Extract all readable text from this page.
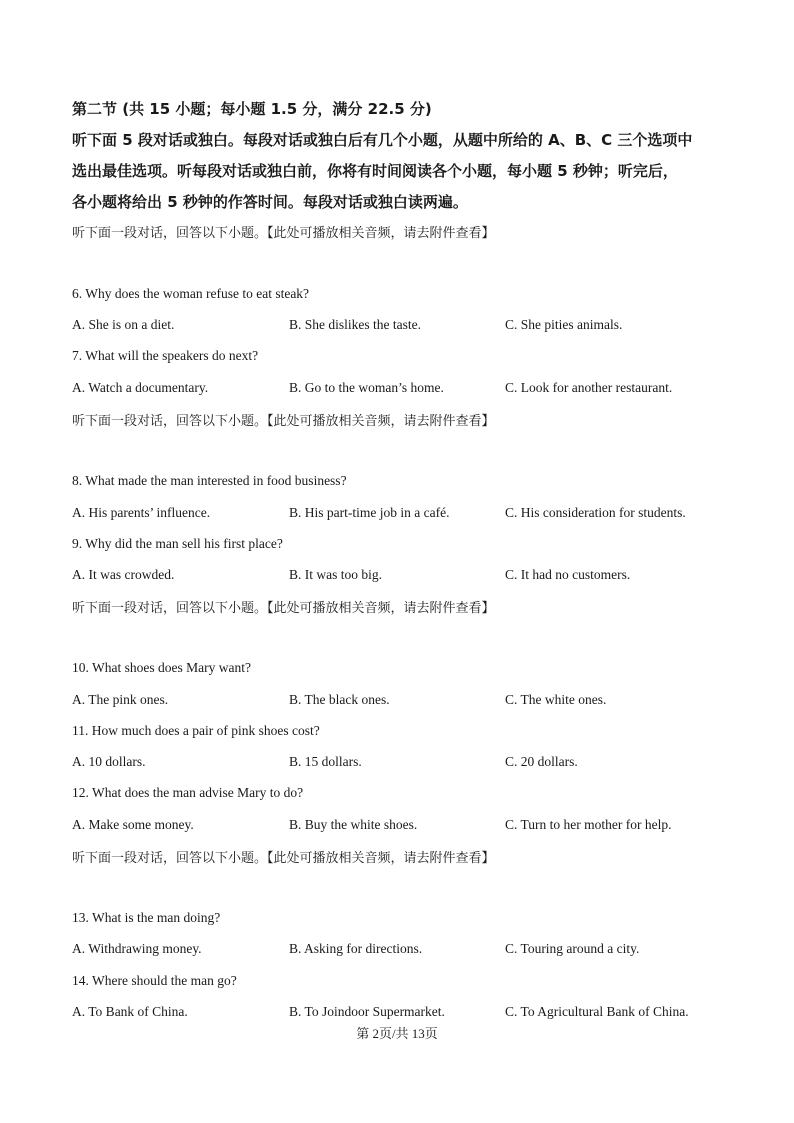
第二节 (共 15 小题；每小题 1.5 分，满分 22.5 分)

听下面 5 段对话或独白。每段对话或独白后有几个小题，从题中所给的 A、B、C 三个选项中

选出最佳选项。听每段对话或独白前，你将有时间阅读各个小题，每小题 5 秒钟；听完后，

各小题将给出 5 秒钟的作答时间。每段对话或独白读两遍。

听下面一段对话，回答以下小题。【此处可播放相关音频，请去附件查看】
6. Why does the woman refuse to eat steak?
A. She is on a diet.	B. She dislikes the taste.	C. She pities animals.
7. What will the speakers do next?
A. Watch a documentary.	B. Go to the woman’s home.	C. Look for another restaurant.
听下面一段对话，回答以下小题。【此处可播放相关音频，请去附件查看】
8. What made the man interested in food business?
A. His parents’ influence.	B. His part-time job in a café.	C. His consideration for students.
9. Why did the man sell his first place?
A. It was crowded.	B. It was too big.	C. It had no customers.
听下面一段对话，回答以下小题。【此处可播放相关音频，请去附件查看】
10. What shoes does Mary want?
A. The pink ones.	B. The black ones.	C. The white ones.
11. How much does a pair of pink shoes cost?
A. 10 dollars.	B. 15 dollars.	C. 20 dollars.
12. What does the man advise Mary to do?
A. Make some money.	B. Buy the white shoes.	C. Turn to her mother for help.
听下面一段对话，回答以下小题。【此处可播放相关音频，请去附件查看】
13. What is the man doing?
A. Withdrawing money.	B. Asking for directions.	C. Touring around a city.
14. Where should the man go?
A. To Bank of China.	B. To Joindoor Supermarket.	C. To Agricultural Bank of China.
第 2页/共 13页
